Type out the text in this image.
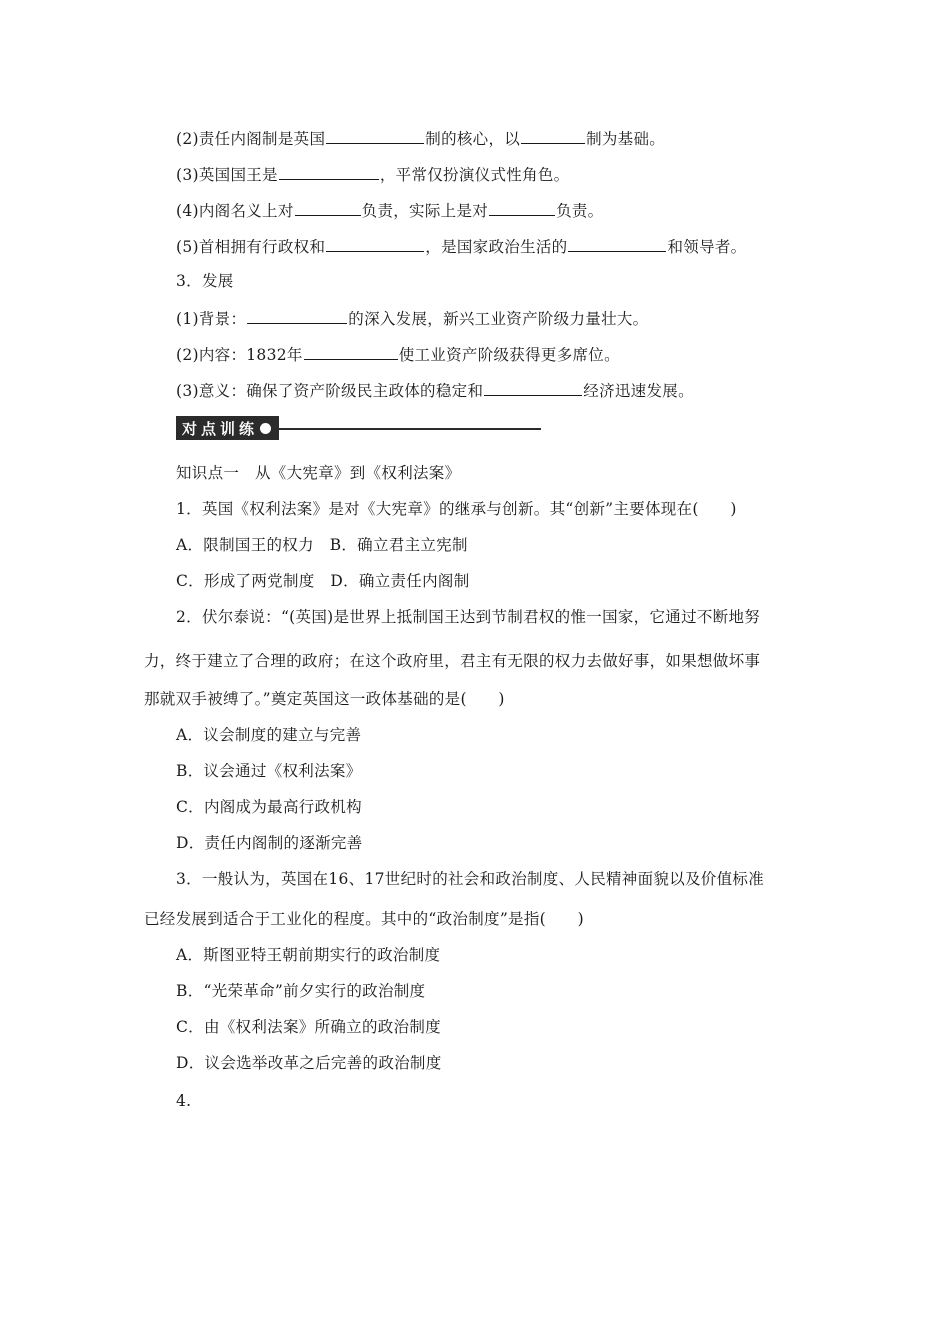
(2)责任内阁制是英国	制的核心，以	制为基础。
(3)英国国王是	，平常仅扮演仪式性角色。
(4)内阁名义上对	负责，实际上是对	负责。
(5)首相拥有行政权和	，是国家政治生活的	和领导者。
3．发展
(1)背景：	的深入发展，新兴工业资产阶级力量壮大。
(2)内容：1832年	使工业资产阶级获得更多席位。
(3)意义：确保了资产阶级民主政体的稳定和	经济迅速发展。
对点训练
知识点一　从《大宪章》到《权利法案》
1．英国《权利法案》是对《大宪章》的继承与创新。其“创新”主要体现在(　　)
A．限制国王的权力　B．确立君主立宪制
C．形成了两党制度　D．确立责任内阁制
2．伏尔泰说：“(英国)是世界上抵制国王达到节制君权的惟一国家，它通过不断地努
力，终于建立了合理的政府；在这个政府里，君主有无限的权力去做好事，如果想做坏事
那就双手被缚了。”奠定英国这一政体基础的是(　　)
A．议会制度的建立与完善
B．议会通过《权利法案》
C．内阁成为最高行政机构
D．责任内阁制的逐渐完善
3．一般认为，英国在16、17世纪时的社会和政治制度、人民精神面貌以及价值标准
已经发展到适合于工业化的程度。其中的“政治制度”是指(　　)
A．斯图亚特王朝前期实行的政治制度
B．“光荣革命”前夕实行的政治制度
C．由《权利法案》所确立的政治制度
D．议会选举改革之后完善的政治制度
4.
